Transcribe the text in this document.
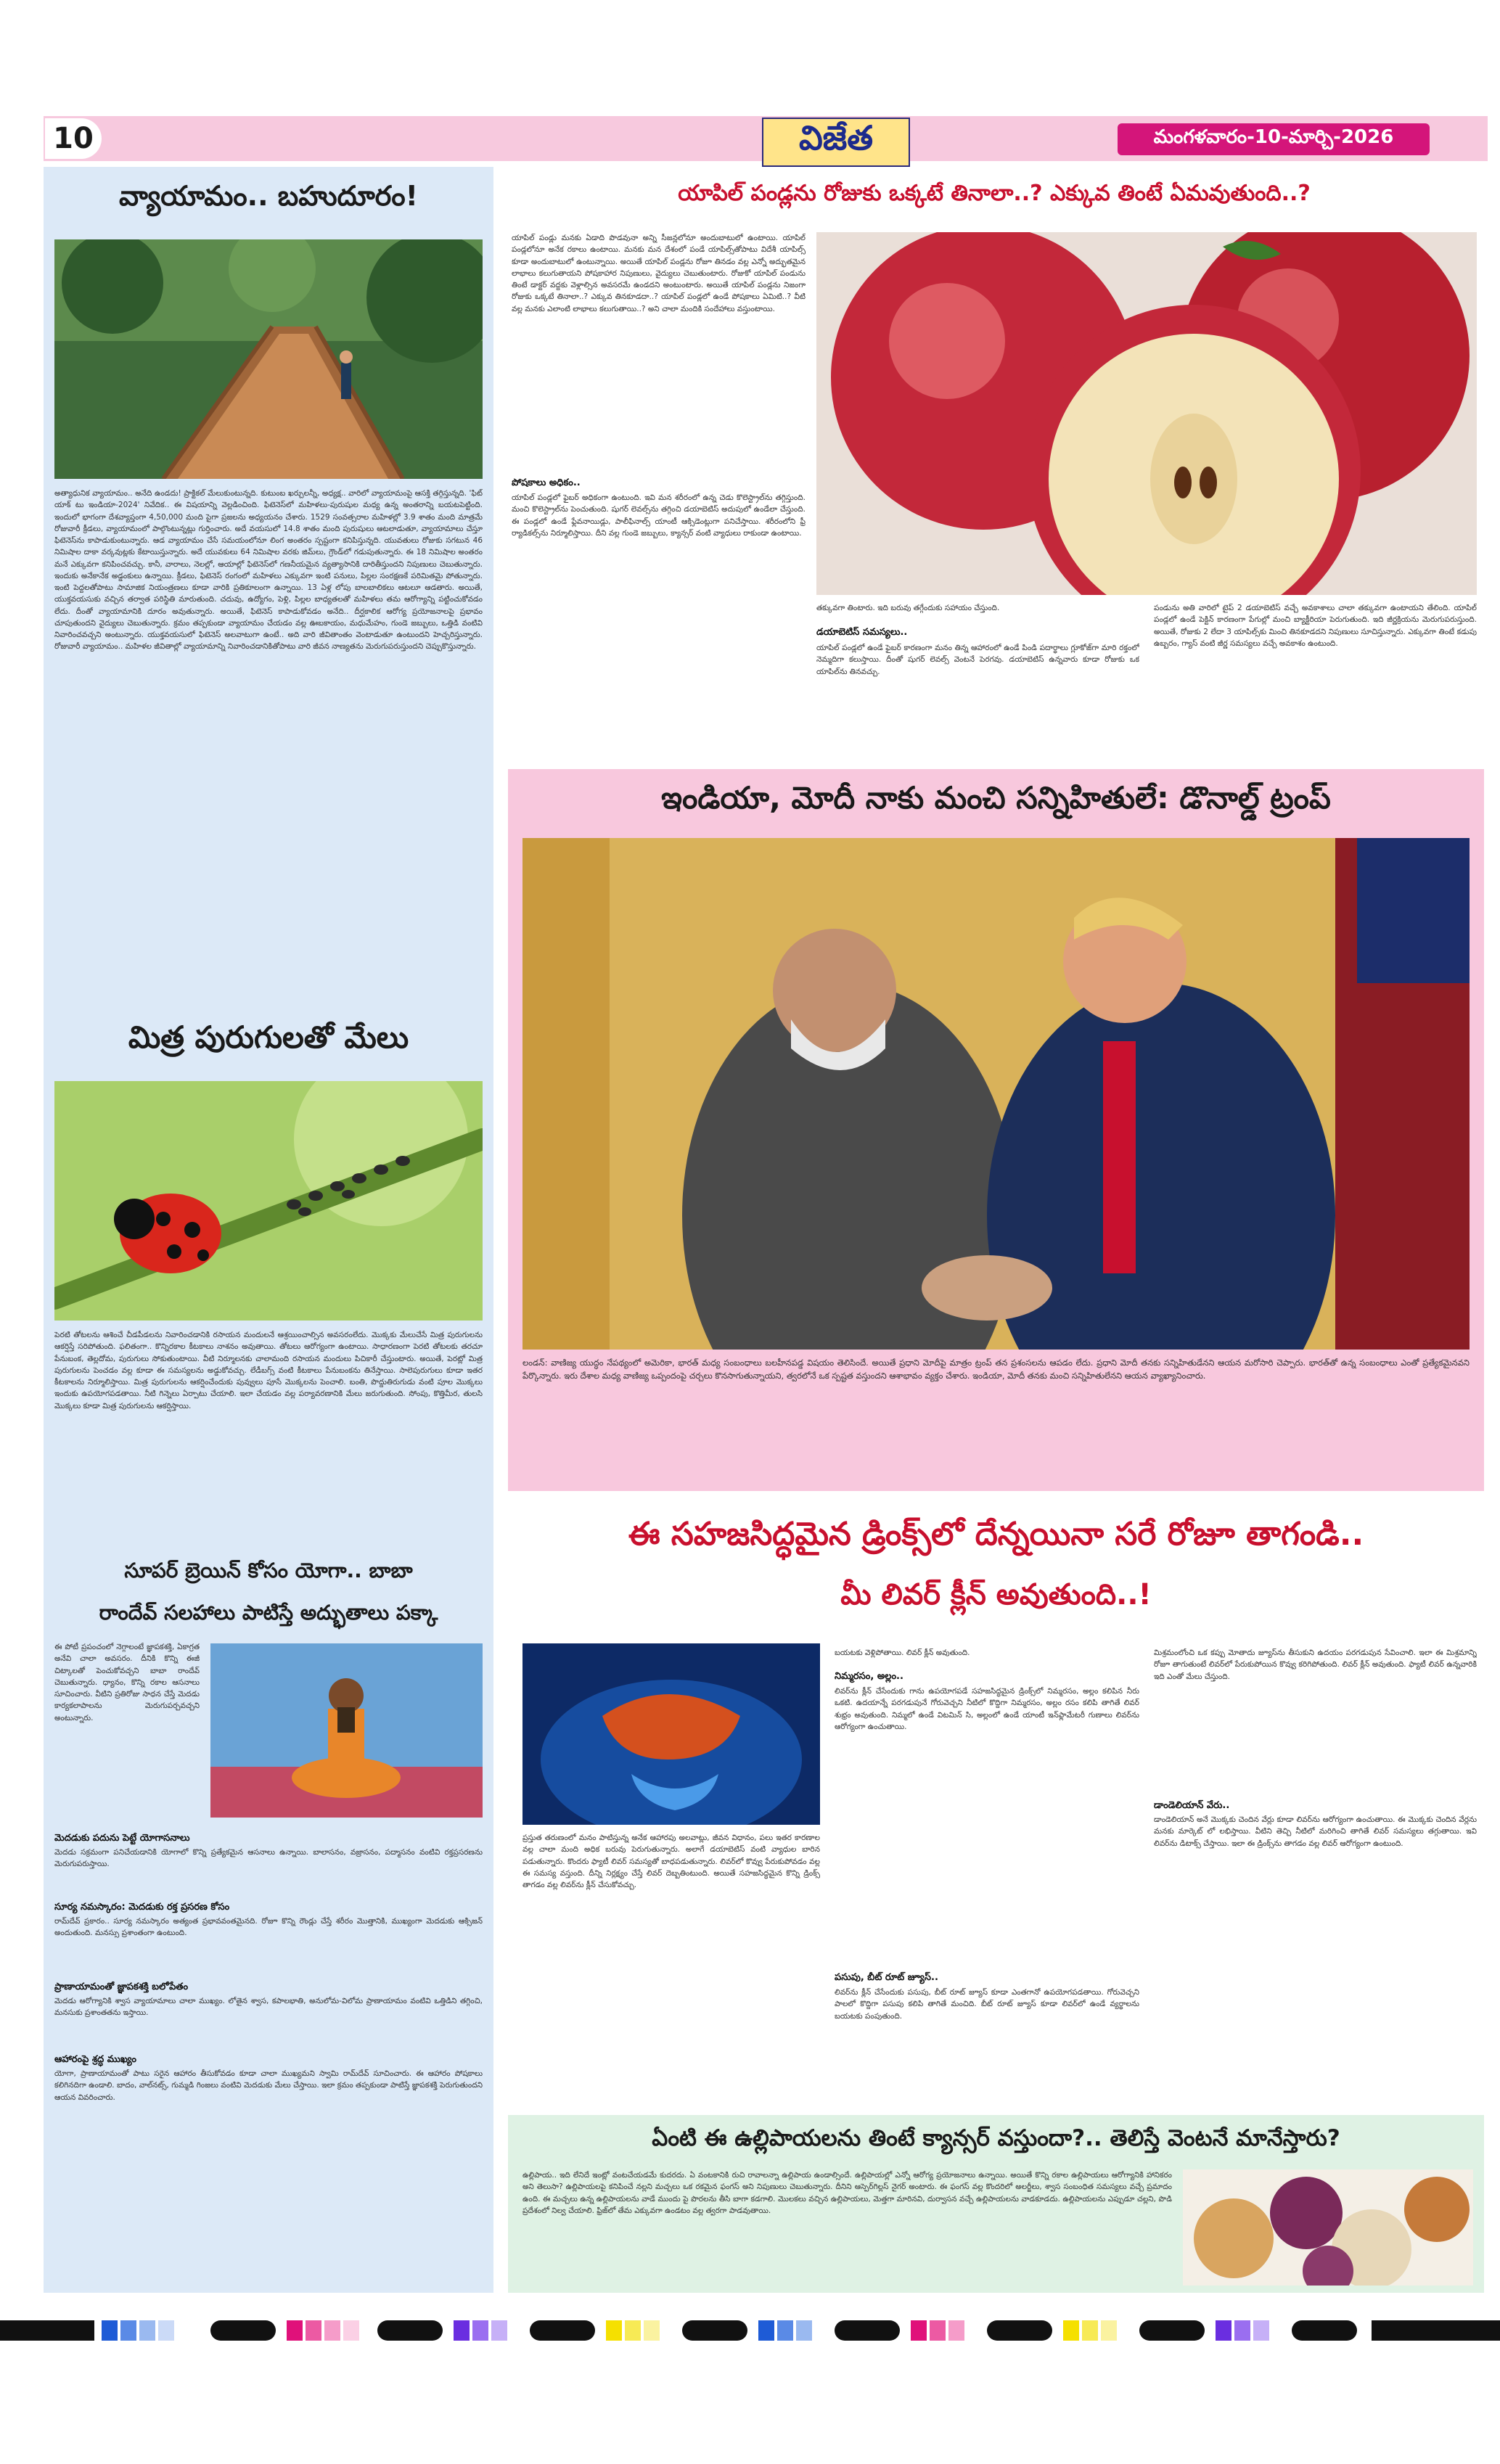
10	విజేత	మంగళవారం-10-మార్చి-2026
వ్యాయామం.. బహుదూరం!
అత్యాధునిక వ్యాయామం.. అనేది ఉండదు! ప్రాక్టికల్ మేలుకుంటున్నది. కుటుంబ ఖర్చులన్నీ, అధ్యక్ష.. వారిలో వ్యాయామంపై ఆసక్తి తగ్గిస్తున్నది. 'ఫిట్ యాక్ టు ఇండియా-2024' నివేదిక.. ఈ విషయాన్ని వెల్లడించింది. ఫిటెనెస్‌లో మహిళలు-పురుషుల మధ్య ఉన్న అంతరాన్ని బయటపెట్టింది. ఇందులో భాగంగా దేశవ్యాప్తంగా 4,50,000 మంది పైగా ప్రజలను అధ్యయనం చేశారు. 1529 సంవత్సరాల మహిళల్లో 3.9 శాతం మంది మాత్రమే రోజువారీ క్రీడలు, వ్యాయామంలో పాల్గొంటున్నట్లు గుర్తించారు. అదే వయసులో 14.8 శాతం మంది పురుషులు ఆటలాడుతూ, వ్యాయామాలు చేస్తూ ఫిటెనెస్‌ను కాపాడుకుంటున్నారు. ఆడ వ్యాయామం చేసే సమయంలోనూ లింగ అంతరం స్పష్టంగా కనిపిస్తున్నది. యువతులు రోజుకు సగటున 46 నిమిషాల దాకా వర్కవుట్లకు కేటాయిస్తున్నారు. అదే యువకులు 64 నిమిషాల వరకు జిమ్‌లు, గ్రౌండ్‌లో గడుపుతున్నారు. ఈ 18 నిమిషాల అంతరం మనే ఎక్కువగా కనిపించవచ్చు. కానీ, వారాలు, నెలల్లో, ఆయాల్లో ఫిటెనెస్‌లో గణనీయమైన వ్యత్యాసానికి దారితీస్తుందని నిపుణులు చెబుతున్నారు. ఇందుకు అనేకానేక అడ్డంకులు ఉన్నాయి. క్రీడలు, ఫిటెనెస్ రంగంలో మహిళలు ఎక్కువగా ఇంటి పనులు, పిల్లల సంరక్షణకే పరిమితమై పోతున్నారు. ఇంటి పెద్దలతోపాటు సామాజిక నియంత్రణలు కూడా వారికి ప్రతికూలంగా ఉన్నాయి. 13 ఏళ్ల లోపు బాలబాలికలు ఆటలూ ఆడతారు. అయితే, యుక్తవయసుకు వచ్చిన తర్వాత పరిస్థితి మారుతుంది. చదువు, ఉద్యోగం, పెళ్లి, పిల్లల బాధ్యతలతో మహిళలు తమ ఆరోగ్యాన్ని పట్టించుకోవడం లేదు. దీంతో వ్యాయామానికి దూరం అవుతున్నారు. అయితే, ఫిటెనెస్ కాపాడుకోవడం అనేది.. దీర్ఘకాలిక ఆరోగ్య ప్రయోజనాలపై ప్రభావం చూపుతుందని వైద్యులు చెబుతున్నారు. క్రమం తప్పకుండా వ్యాయామం చేయడం వల్ల ఊబకాయం, మధుమేహం, గుండె జబ్బులు, ఒత్తిడి వంటివి నివారించవచ్చని అంటున్నారు. యుక్తవయసులో ఫిటెనెస్ అలవాటుగా ఉంటే.. అది వారి జీవితాంతం వెంటాడుతూ ఉంటుందని హెచ్చరిస్తున్నారు. రోజువారీ వ్యాయామం.. మహిళల జీవితాల్లో వ్యాయామాన్ని నివారించడానికితోపాటు వారి జీవన నాణ్యతను మెరుగుపరుస్తుందని చెప్పుకొస్తున్నారు.
మిత్ర పురుగులతో మేలు
పెరటి తోటలను ఆశించే చీడపీడలను నివారించడానికి రసాయన మందులనే ఆశ్రయించాల్సిన అవసరంలేదు. మొక్కకు మేలుచేసే మిత్ర పురుగులను ఆకర్షిస్తే సరిపోతుంది. ఫలితంగా.. కొన్నిరకాల కీటకాలు నాశనం అవుతాయి. తోటలు ఆరోగ్యంగా ఉంటాయి. సాధారణంగా పెరటి తోటలకు తరచూ పేనుబంక, తెల్లదోమ, పురుగులు సోకుతుంటాయి. వీటి నిర్మూలనకు చాలామంది రసాయన మందులు పిచికారీ చేస్తుంటారు. అయితే, పెరట్లో మిత్ర పురుగులను పెంచడం వల్ల కూడా ఈ సమస్యలను అడ్డుకోవచ్చు. లేడీబగ్స్ వంటి కీటకాలు పేనుబంకను తినేస్తాయి. సాలెపురుగులు కూడా ఇతర కీటకాలను నిర్మూలిస్తాయి. మిత్ర పురుగులను ఆకర్షించేందుకు పువ్వులు పూసే మొక్కలను పెంచాలి. బంతి, పొద్దుతిరుగుడు వంటి పూల మొక్కలు ఇందుకు ఉపయోగపడతాయి. నీటి గిన్నెలు ఏర్పాటు చేయాలి. ఇలా చేయడం వల్ల పర్యావరణానికి మేలు జరుగుతుంది. సోంపు, కొత్తిమీర, తులసి మొక్కలు కూడా మిత్ర పురుగులను ఆకర్షిస్తాయి.
సూపర్ బ్రెయిన్ కోసం యోగా.. బాబా
రాందేవ్ సలహాలు పాటిస్తే అద్భుతాలు పక్కా
ఈ పోటీ ప్రపంచంలో నెగ్గాలంటే జ్ఞాపకశక్తి, ఏకాగ్రత అనేవి చాలా అవసరం. దీనికి కొన్ని ఈజీ చిట్కాలతో పెంచుకోవచ్చని బాబా రాందేవ్ చెబుతున్నారు. ధ్యానం, కొన్ని రకాల ఆసనాలు సూచించారు. వీటిని ప్రతిరోజు సాధన చేస్తే మెదడు కార్యకలాపాలను మెరుగుపర్చవచ్చని అంటున్నారు.
మెదడుకు పదును పెట్టే యోగాసనాలు
మెదడు సక్రమంగా పనిచేయడానికి యోగాలో కొన్ని ప్రత్యేకమైన ఆసనాలు ఉన్నాయి. బాలాసనం, వజ్రాసనం, పద్మాసనం వంటివి రక్తప్రసరణను మెరుగుపరుస్తాయి.
సూర్య నమస్కారం: మెదడుకు రక్త ప్రసరణ కోసం
రామ్‌దేవ్ ప్రకారం.. సూర్య నమస్కారం అత్యంత ప్రభావవంతమైనది. రోజూ కొన్ని రౌండ్లు చేస్తే శరీరం మొత్తానికి, ముఖ్యంగా మెదడుకు ఆక్సిజన్ అందుతుంది. మనస్సు ప్రశాంతంగా ఉంటుంది.
ప్రాణాయామంతో జ్ఞాపకశక్తి బలోపేతం
మెదడు ఆరోగ్యానికి శ్వాస వ్యాయామాలు చాలా ముఖ్యం. లోతైన శ్వాస, కపాలభాతి, అనులోమ-విలోమ ప్రాణాయామం వంటివి ఒత్తిడిని తగ్గించి, మనసుకు ప్రశాంతతను ఇస్తాయి.
ఆహారంపై శ్రద్ధ ముఖ్యం
యోగా, ప్రాణాయామంతో పాటు సరైన ఆహారం తీసుకోవడం కూడా చాలా ముఖ్యమని స్వామి రామ్‌దేవ్ సూచించారు. ఈ ఆహారం పోషకాలు కలిగినదిగా ఉండాలి. బాదం, వాల్‌నట్స్, గుమ్మడి గింజలు వంటివి మెదడుకు మేలు చేస్తాయి. ఇలా క్రమం తప్పకుండా పాటిస్తే జ్ఞాపకశక్తి పెరుగుతుందని ఆయన వివరించారు.
యాపిల్ పండ్లను రోజుకు ఒక్కటే తినాలా..? ఎక్కువ తింటే ఏమవుతుంది..?
యాపిల్ పండ్లు మనకు ఏడాది పొడవునా అన్ని సీజన్లలోనూ అందుబాటులో ఉంటాయి. యాపిల్ పండ్లలోనూ అనేక రకాలు ఉంటాయి. మనకు మన దేశంలో పండే యాపిల్స్‌తోపాటు విదేశీ యాపిల్స్ కూడా అందుబాటులో ఉంటున్నాయి. అయితే యాపిల్ పండ్లను రోజూ తినడం వల్ల ఎన్నో అద్భుతమైన లాభాలు కలుగుతాయని పోషకాహార నిపుణులు, వైద్యులు చెబుతుంటారు. రోజుకో యాపిల్ పండును తింటే డాక్టర్ వద్దకు వెళ్లాల్సిన అవసరమే ఉండదని అంటుంటారు. అయితే యాపిల్ పండ్లను నిజంగా రోజుకు ఒక్కటే తినాలా..? ఎక్కువ తినకూడదా..? యాపిల్ పండ్లలో ఉండే పోషకాలు ఏమిటి..? వీటి వల్ల మనకు ఎలాంటి లాభాలు కలుగుతాయి..? అని చాలా మందికి సందేహాలు వస్తుంటాయి.
పోషకాలు అధికం..
యాపిల్ పండ్లలో ఫైబర్ అధికంగా ఉంటుంది. ఇవి మన శరీరంలో ఉన్న చెడు కొలెస్ట్రాల్‌ను తగ్గిస్తుంది. మంచి కొలెస్ట్రాల్‌ను పెంచుతుంది. షుగర్ లెవల్స్‌ను తగ్గించి డయాబెటిస్ అదుపులో ఉండేలా చేస్తుంది. ఈ పండ్లలో ఉండే ఫ్లేవనాయిడ్లు, పాలీఫినాల్స్ యాంటీ ఆక్సిడెంట్లుగా పనిచేస్తాయి. శరీరంలోని ఫ్రీ ర్యాడికల్స్‌ను నిర్మూలిస్తాయి. దీని వల్ల గుండె జబ్బులు, క్యాన్సర్ వంటి వ్యాధులు రాకుండా ఉంటాయి.
తక్కువగా తింటారు. ఇది బరువు తగ్గేందుకు సహాయం చేస్తుంది.
డయాబెటిస్ సమస్యలు..
యాపిల్ పండ్లలో ఉండే ఫైబర్ కారణంగా మనం తిన్న ఆహారంలో ఉండే పిండి పదార్థాలు గ్లూకోజ్‌గా మారి రక్తంలో నెమ్మదిగా కలుస్తాయి. దీంతో షుగర్ లెవల్స్ వెంటనే పెరగవు. డయాబెటిస్ ఉన్నవారు కూడా రోజుకు ఒక యాపిల్‌ను తినవచ్చు.
పండును అతి వారిలో టైప్ 2 డయాబెటిస్ వచ్చే అవకాశాలు చాలా తక్కువగా ఉంటాయని తేలింది. యాపిల్ పండ్లలో ఉండే పెక్టిన్ కారణంగా పేగుల్లో మంచి బ్యాక్టీరియా పెరుగుతుంది. ఇది జీర్ణక్రియను మెరుగుపరుస్తుంది. అయితే, రోజుకు 2 లేదా 3 యాపిల్స్‌కు మించి తినకూడదని నిపుణులు సూచిస్తున్నారు. ఎక్కువగా తింటే కడుపు ఉబ్బరం, గ్యాస్ వంటి జీర్ణ సమస్యలు వచ్చే అవకాశం ఉంటుంది.
ఇండియా, మోదీ నాకు మంచి సన్నిహితులే: డొనాల్డ్ ట్రంప్
లండన్: వాణిజ్య యుద్ధం నేపథ్యంలో అమెరికా, భారత్ మధ్య సంబంధాలు బలహీనపడ్డ విషయం తెలిసిందే. అయితే ప్రధాని మోదీపై మాత్రం ట్రంప్ తన ప్రశంసలను ఆపడం లేదు. ప్రధాని మోదీ తనకు సన్నిహితుడేనని ఆయన మరోసారి చెప్పారు. భారత్‌తో ఉన్న సంబంధాలు ఎంతో ప్రత్యేకమైనవని పేర్కొన్నారు. ఇరు దేశాల మధ్య వాణిజ్య ఒప్పందంపై చర్చలు కొనసాగుతున్నాయని, త్వరలోనే ఒక స్పష్టత వస్తుందని ఆశాభావం వ్యక్తం చేశారు. ఇండియా, మోదీ తనకు మంచి సన్నిహితులేనని ఆయన వ్యాఖ్యానించారు.
ఈ సహజసిద్ధమైన డ్రింక్స్‌లో దేన్నయినా సరే రోజూ తాగండి..
మీ లివర్ క్లీన్ అవుతుంది..!
ప్రస్తుత తరుణంలో మనం పాటిస్తున్న అనేక ఆహారపు అలవాట్లు, జీవన విధానం, పలు ఇతర కారణాల వల్ల చాలా మంది అధిక బరువు పెరుగుతున్నారు. అలాగే డయాబెటిస్ వంటి వ్యాధుల బారిన పడుతున్నారు. కొందరు ఫ్యాటీ లివర్ సమస్యతో బాధపడుతున్నారు. లివర్‌లో కొవ్వు పేరుకుపోవడం వల్ల ఈ సమస్య వస్తుంది. దీన్ని నిర్లక్ష్యం చేస్తే లివర్ దెబ్బతింటుంది. అయితే సహజసిద్ధమైన కొన్ని డ్రింక్స్ తాగడం వల్ల లివర్‌ను క్లీన్ చేసుకోవచ్చు.
బయటకు వెళ్లిపోతాయి. లివర్ క్లీన్ అవుతుంది.
నిమ్మరసం, అల్లం..
లివర్‌ను క్లీన్ చేసేందుకు గాను ఉపయోగపడే సహజసిద్ధమైన డ్రింక్స్‌లో నిమ్మరసం, అల్లం కలిపిన నీరు ఒకటి. ఉదయాన్నే పరగడుపునే గోరువెచ్చని నీటిలో కొద్దిగా నిమ్మరసం, అల్లం రసం కలిపి తాగితే లివర్ శుభ్రం అవుతుంది. నిమ్మలో ఉండే విటమిన్ సి, అల్లంలో ఉండే యాంటీ ఇన్‌ఫ్లామేటరీ గుణాలు లివర్‌ను ఆరోగ్యంగా ఉంచుతాయి.
పసుపు, బీట్ రూట్ జ్యూస్..
లివర్‌ను క్లీన్ చేసేందుకు పసుపు, బీట్ రూట్ జ్యూస్ కూడా ఎంతగానో ఉపయోగపడతాయి. గోరువెచ్చని పాలలో కొద్దిగా పసుపు కలిపి తాగితే మంచిది. బీట్ రూట్ జ్యూస్ కూడా లివర్‌లో ఉండే వ్యర్థాలను బయటకు పంపుతుంది.
మిశ్రమంలోంచి ఒక కప్పు మోతాదు జ్యూస్‌ను తీసుకుని ఉదయం పరగడుపున సేవించాలి. ఇలా ఈ మిశ్రమాన్ని రోజూ తాగుతుంటే లివర్‌లో పేరుకుపోయిన కొవ్వు కరిగిపోతుంది. లివర్ క్లీన్ అవుతుంది. ఫ్యాటీ లివర్ ఉన్నవారికి ఇది ఎంతో మేలు చేస్తుంది.
డాండెలియాన్ వేరు..
డాండెలియాన్ అనే మొక్కకు చెందిన వేర్లు కూడా లివర్‌ను ఆరోగ్యంగా ఉంచుతాయి. ఈ మొక్కకు చెందిన వేర్లను మనకు మార్కెట్ లో లభిస్తాయి. వీటిని తెచ్చి నీటిలో మరిగించి తాగితే లివర్ సమస్యలు తగ్గుతాయి. ఇవి లివర్‌ను డిటాక్స్ చేస్తాయి. ఇలా ఈ డ్రింక్స్‌ను తాగడం వల్ల లివర్ ఆరోగ్యంగా ఉంటుంది.
ఏంటి ఈ ఉల్లిపాయలను తింటే క్యాన్సర్ వస్తుందా?.. తెలిస్తే వెంటనే మానేస్తారు?
ఉల్లిపాయ.. ఇది లేనిదే ఇంట్లో వంటచేయడమే కుదరదు. ఏ వంటకానికి రుచి రావాలన్నా ఉల్లిపాయ ఉండాల్సిందే. ఉల్లిపాయల్లో ఎన్నో ఆరోగ్య ప్రయోజనాలు ఉన్నాయి. అయితే కొన్ని రకాల ఉల్లిపాయలు ఆరోగ్యానికి హానికరం అని తెలుసా? ఉల్లిపాయలపై కనిపించే నల్లని మచ్చలు ఒక రకమైన ఫంగస్ అని నిపుణులు చెబుతున్నారు. దీనిని ఆస్పెర్‌గిల్లస్ నైగర్ అంటారు. ఈ ఫంగస్ వల్ల కొందరిలో అలర్జీలు, శ్వాస సంబంధిత సమస్యలు వచ్చే ప్రమాదం ఉంది. ఈ మచ్చలు ఉన్న ఉల్లిపాయలను వాడే ముందు పై పొరలను తీసి బాగా కడగాలి. మొలకలు వచ్చిన ఉల్లిపాయలు, మెత్తగా మారినవి, దుర్వాసన వచ్చే ఉల్లిపాయలను వాడకూడదు. ఉల్లిపాయలను ఎప్పుడూ చల్లని, పొడి ప్రదేశంలో నిల్వ చేయాలి. ఫ్రిజ్‌లో తేమ ఎక్కువగా ఉండటం వల్ల త్వరగా పాడవుతాయి.
